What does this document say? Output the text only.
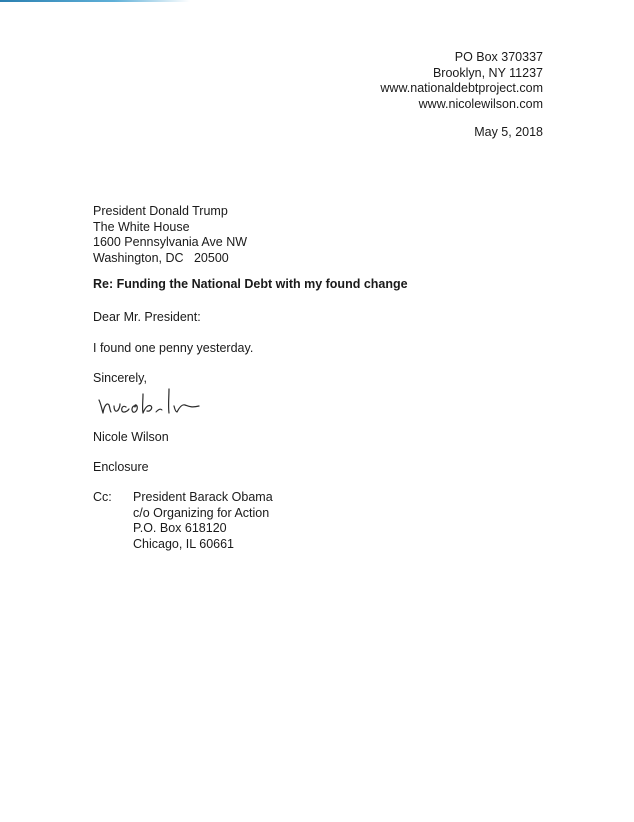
PO Box 370337
Brooklyn, NY 11237
www.nationaldebtproject.com
www.nicolewilson.com
May 5, 2018
President Donald Trump
The White House
1600 Pennsylvania Ave NW
Washington, DC   20500
Re: Funding the National Debt with my found change
Dear Mr. President:
I found one penny yesterday.
Sincerely,
Nicole Wilson
Enclosure
Cc: President Barack Obama
c/o Organizing for Action
P.O. Box 618120
Chicago, IL 60661
